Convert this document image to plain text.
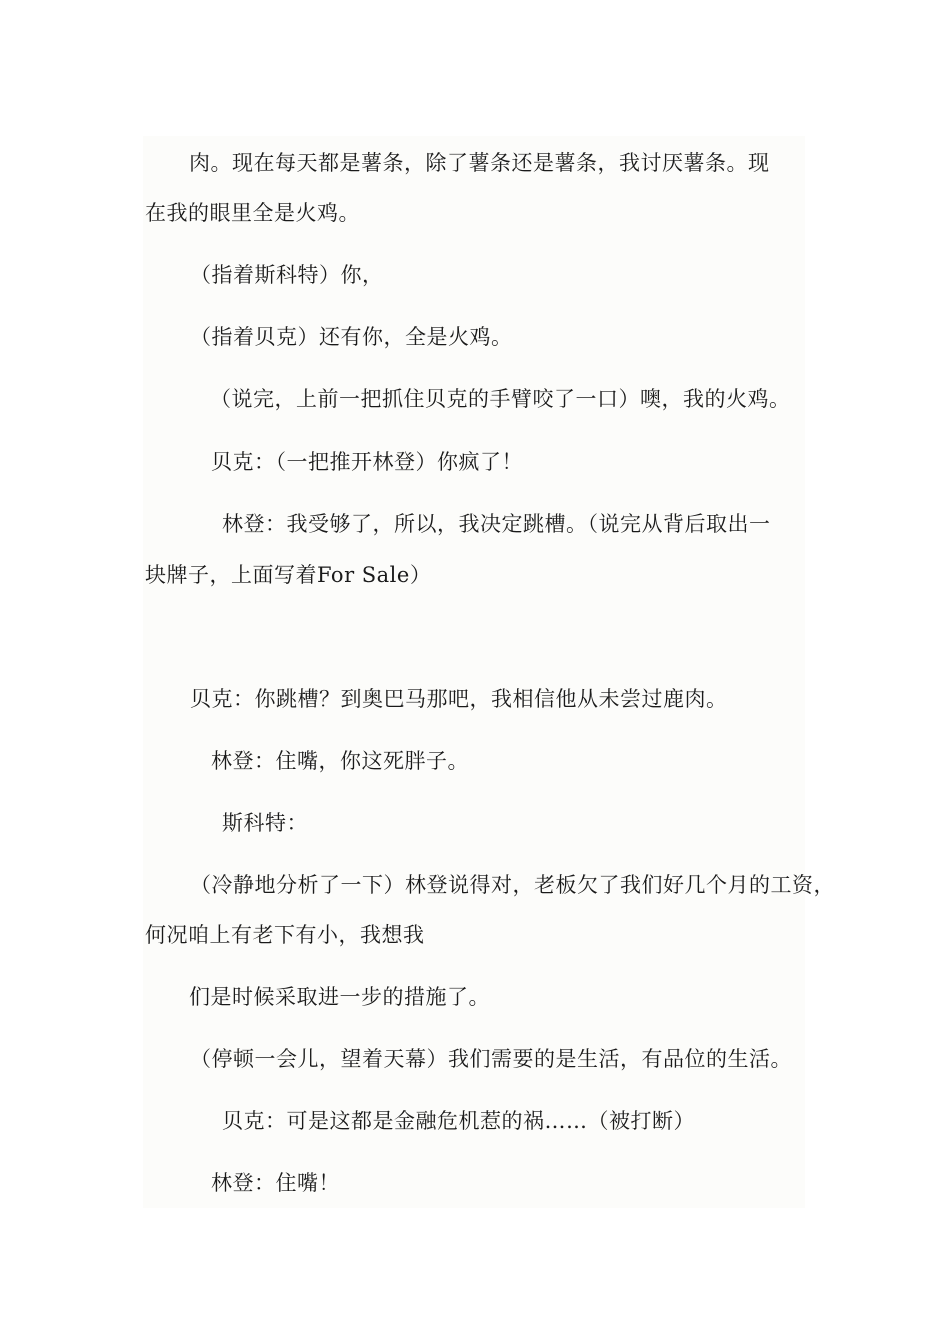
肉。现在每天都是薯条，除了薯条还是薯条，我讨厌薯条。现
在我的眼里全是火鸡。
（指着斯科特）你，
（指着贝克）还有你，全是火鸡。
（说完，上前一把抓住贝克的手臂咬了一口）噢，我的火鸡。
贝克：（一把推开林登）你疯了！
林登：我受够了，所以，我决定跳槽。（说完从背后取出一
块牌子，上面写着For Sale）
贝克：你跳槽？到奥巴马那吧，我相信他从未尝过鹿肉。
林登：住嘴，你这死胖子。
斯科特：
（冷静地分析了一下）林登说得对，老板欠了我们好几个月的工资，
何况咱上有老下有小，我想我
们是时候采取进一步的措施了。
（停顿一会儿，望着天幕）我们需要的是生活，有品位的生活。
贝克：可是这都是金融危机惹的祸……（被打断）
林登：住嘴！
